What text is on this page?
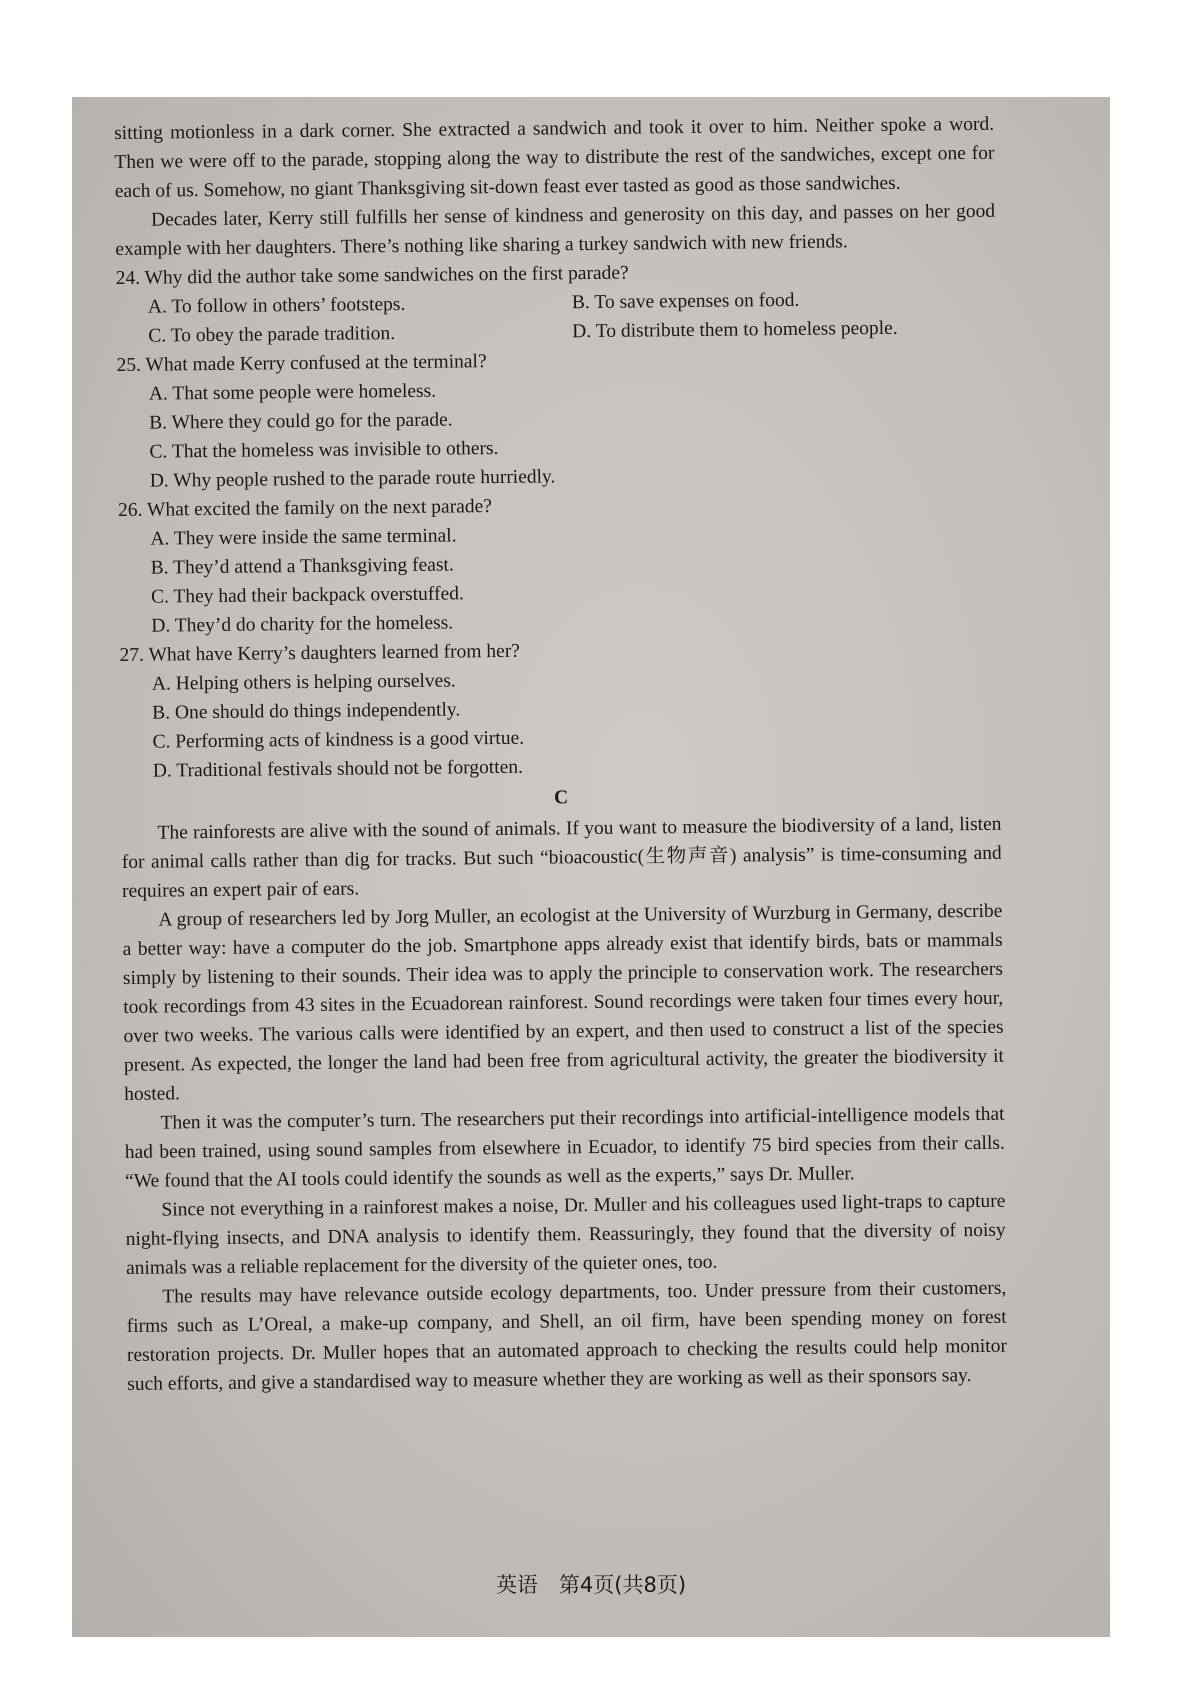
sitting motionless in a dark corner. She extracted a sandwich and took it over to him. Neither spoke a word. Then we were off to the parade, stopping along the way to distribute the rest of the sandwiches, except one for each of us. Somehow, no giant Thanksgiving sit-down feast ever tasted as good as those sandwiches.

Decades later, Kerry still fulfills her sense of kindness and generosity on this day, and passes on her good example with her daughters. There’s nothing like sharing a turkey sandwich with new friends.

24. Why did the author take some sandwiches on the first parade?

A. To follow in others’ footsteps.	B. To save expenses on food.
C. To obey the parade tradition.	D. To distribute them to homeless people.

25. What made Kerry confused at the terminal?

A. That some people were homeless.

B. Where they could go for the parade.

C. That the homeless was invisible to others.

D. Why people rushed to the parade route hurriedly.

26. What excited the family on the next parade?

A. They were inside the same terminal.

B. They’d attend a Thanksgiving feast.

C. They had their backpack overstuffed.

D. They’d do charity for the homeless.

27. What have Kerry’s daughters learned from her?

A. Helping others is helping ourselves.

B. One should do things independently.

C. Performing acts of kindness is a good virtue.

D. Traditional festivals should not be forgotten.

C

The rainforests are alive with the sound of animals. If you want to measure the biodiversity of a land, listen for animal calls rather than dig for tracks. But such “bioacoustic(生物声音) analysis” is time-consuming and requires an expert pair of ears.

A group of researchers led by Jorg Muller, an ecologist at the University of Wurzburg in Germany, describe a better way: have a computer do the job. Smartphone apps already exist that identify birds, bats or mammals simply by listening to their sounds. Their idea was to apply the principle to conservation work. The researchers took recordings from 43 sites in the Ecuadorean rainforest. Sound recordings were taken four times every hour, over two weeks. The various calls were identified by an expert, and then used to construct a list of the species present. As expected, the longer the land had been free from agricultural activity, the greater the biodiversity it hosted.

Then it was the computer’s turn. The researchers put their recordings into artificial-intelligence models that had been trained, using sound samples from elsewhere in Ecuador, to identify 75 bird species from their calls. “We found that the AI tools could identify the sounds as well as the experts,” says Dr. Muller.

Since not everything in a rainforest makes a noise, Dr. Muller and his colleagues used light-traps to capture night-flying insects, and DNA analysis to identify them. Reassuringly, they found that the diversity of noisy animals was a reliable replacement for the diversity of the quieter ones, too.

The results may have relevance outside ecology departments, too. Under pressure from their customers, firms such as L’Oreal, a make-up company, and Shell, an oil firm, have been spending money on forest restoration projects. Dr. Muller hopes that an automated approach to checking the results could help monitor such efforts, and give a standardised way to measure whether they are working as well as their sponsors say.

英语　第4页(共8页)
